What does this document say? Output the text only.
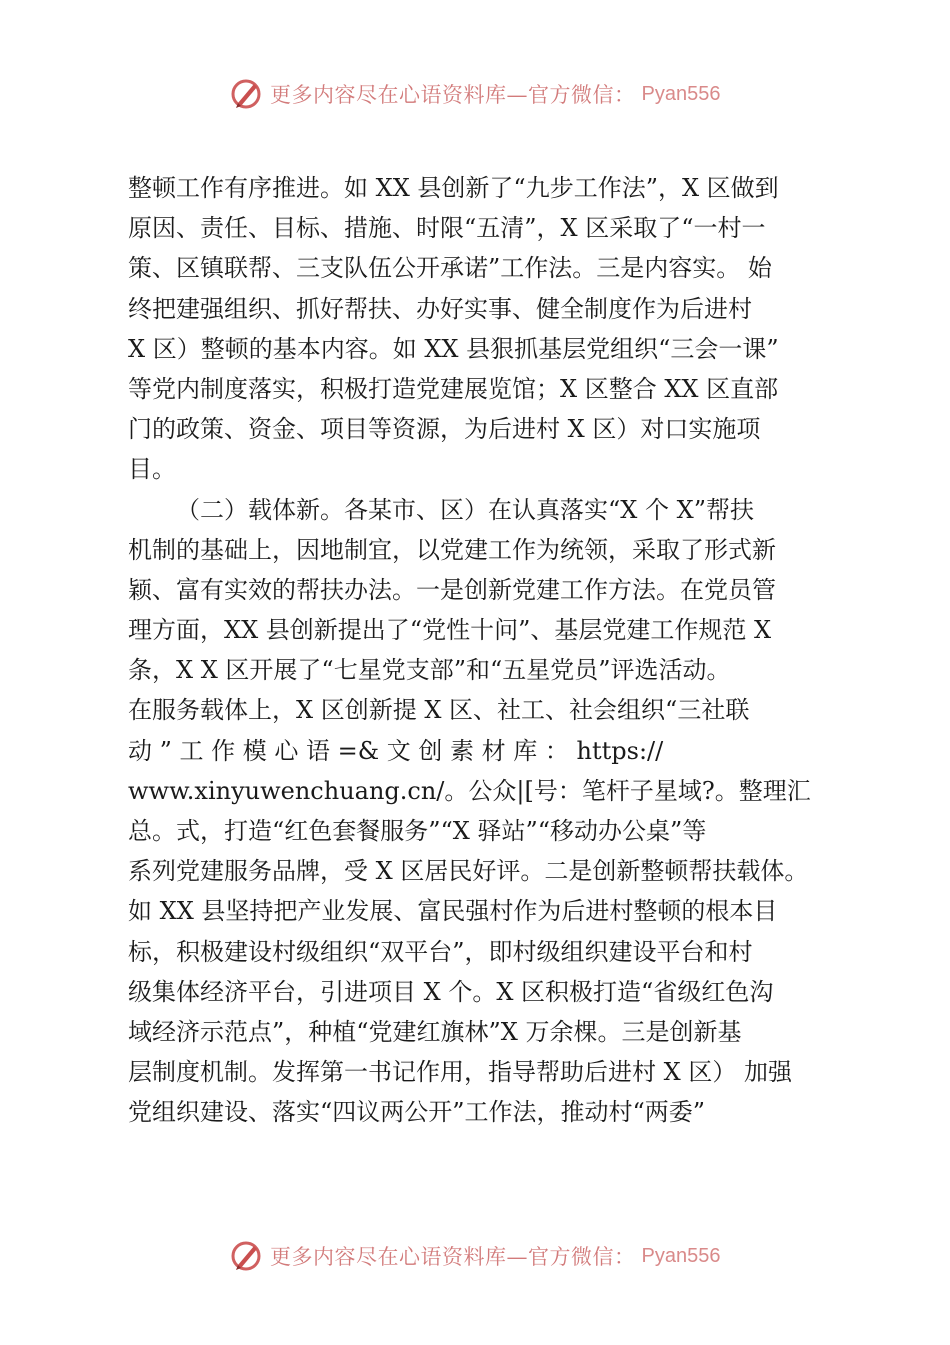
更多内容尽在心语资料库—官方微信： Pyan556
整顿工作有序推进。如 XX 县创新了“九步工作法”，X 区做到
原因、责任、目标、措施、时限“五清”，X 区采取了“一村一
策、区镇联帮、三支队伍公开承诺”工作法。三是内容实。 始
终把建强组织、抓好帮扶、办好实事、健全制度作为后进村
X 区）整顿的基本内容。如 XX 县狠抓基层党组织“三会一课”
等党内制度落实，积极打造党建展览馆；X 区整合 XX 区直部
门的政策、资金、项目等资源，为后进村 X 区）对口实施项
目。
（二）载体新。各某市、区）在认真落实“X 个 X”帮扶
机制的基础上，因地制宜，以党建工作为统领，采取了形式新
颖、富有实效的帮扶办法。一是创新党建工作方法。在党员管
理方面，XX 县创新提出了“党性十问”、基层党建工作规范 X
条，X X 区开展了“七星党支部”和“五星党员”评选活动。
在服务载体上，X 区创新提 X 区、社工、社会组织“三社联
动 ” 工 作 模 心 语 =& 文 创 素 材 库 ： https://
www.xinyuwenchuang.cn/。公众|[号：笔杆子星域?。整理汇
总。式，打造“红色套餐服务”“X 驿站”“移动办公桌”等
系列党建服务品牌，受 X 区居民好评。二是创新整顿帮扶载体。
如 XX 县坚持把产业发展、富民强村作为后进村整顿的根本目
标，积极建设村级组织“双平台”，即村级组织建设平台和村
级集体经济平台，引进项目 X 个。X 区积极打造“省级红色沟
域经济示范点”，种植“党建红旗林”X 万余棵。三是创新基
层制度机制。发挥第一书记作用，指导帮助后进村 X 区） 加强
党组织建设、落实“四议两公开”工作法，推动村“两委”
更多内容尽在心语资料库—官方微信： Pyan556
